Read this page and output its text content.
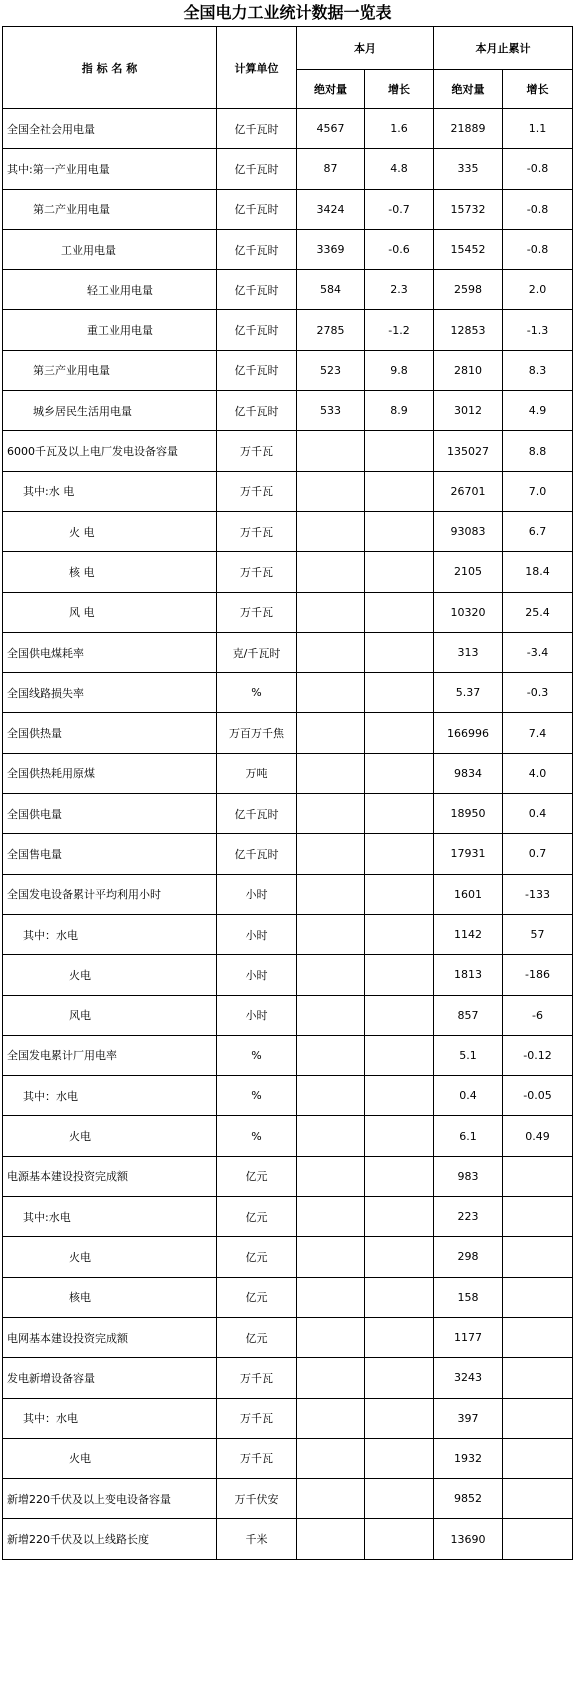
全国电力工业统计数据一览表
指 标 名 称	计算单位	本月		本月止累计	
		绝对量	增长	绝对量	增长
全国全社会用电量	亿千瓦时	4567	1.6	21889	1.1
其中:第一产业用电量	亿千瓦时	87	4.8	335	-0.8
第二产业用电量	亿千瓦时	3424	-0.7	15732	-0.8
工业用电量	亿千瓦时	3369	-0.6	15452	-0.8
轻工业用电量	亿千瓦时	584	2.3	2598	2.0
重工业用电量	亿千瓦时	2785	-1.2	12853	-1.3
第三产业用电量	亿千瓦时	523	9.8	2810	8.3
城乡居民生活用电量	亿千瓦时	533	8.9	3012	4.9
6000千瓦及以上电厂发电设备容量	万千瓦			135027	8.8
其中:水 电	万千瓦			26701	7.0
火 电	万千瓦			93083	6.7
核 电	万千瓦			2105	18.4
风 电	万千瓦			10320	25.4
全国供电煤耗率	克/千瓦时			313	-3.4
全国线路损失率	%			5.37	-0.3
全国供热量	万百万千焦			166996	7.4
全国供热耗用原煤	万吨			9834	4.0
全国供电量	亿千瓦时			18950	0.4
全国售电量	亿千瓦时			17931	0.7
全国发电设备累计平均利用小时	小时			1601	-133
其中：水电	小时			1142	57
火电	小时			1813	-186
风电	小时			857	-6
全国发电累计厂用电率	%			5.1	-0.12
其中：水电	%			0.4	-0.05
火电	%			6.1	0.49
电源基本建设投资完成额	亿元			983	
其中:水电	亿元			223	
火电	亿元			298	
核电	亿元			158	
电网基本建设投资完成额	亿元			1177	
发电新增设备容量	万千瓦			3243	
其中：水电	万千瓦			397	
火电	万千瓦			1932	
新增220千伏及以上变电设备容量	万千伏安			9852	
新增220千伏及以上线路长度	千米			13690	
